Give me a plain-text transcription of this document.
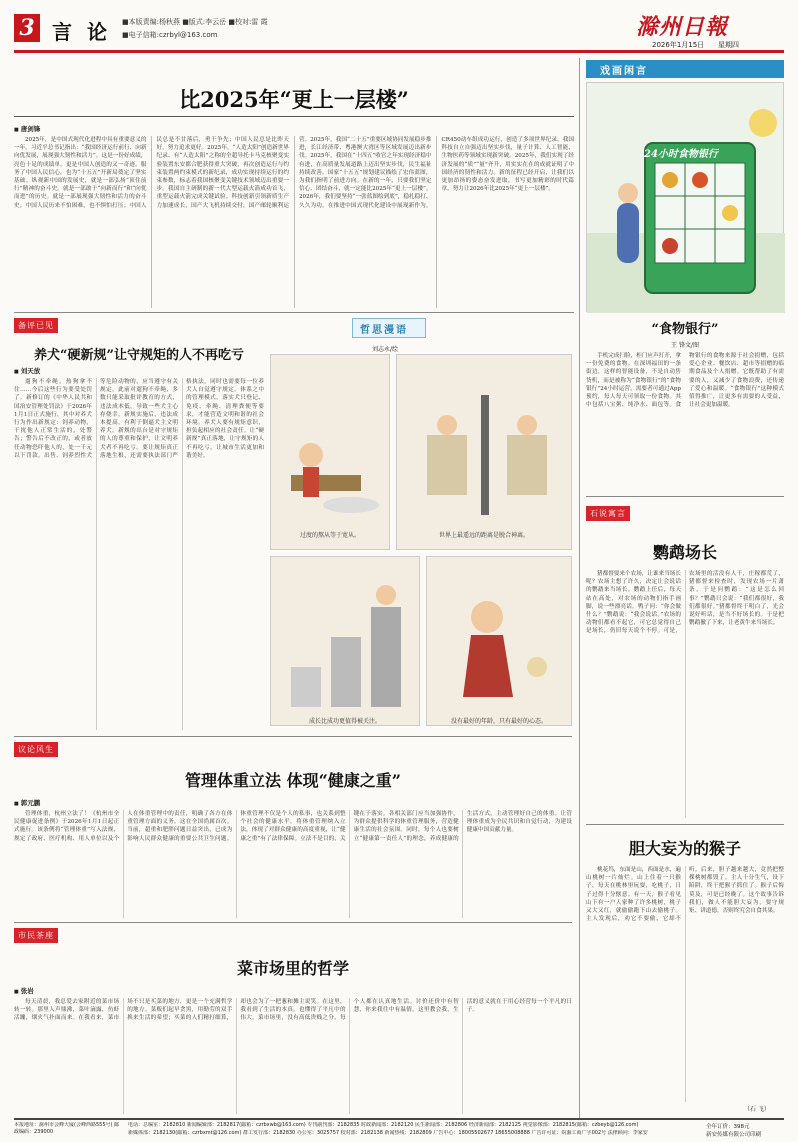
3 言 论 ■本版责编:杨秋燕 ■版式:李云岳 ■校对:雷 霞
■电子信箱:czrbyl@163.com	滁州日報
2026年1月15日 星期四
比2025年“更上一层楼”
■ 唐剑锋

2025年，是中国式现代化进程中具有重要意义的一年。习近平总书记指出：“我国经济运行前行、向新向优发展，展现强大韧性和活力”。这是一份好成绩，亮色十足的成绩单。更是中国人创造的又一奇迹。服务了中国人民信心，也为“十五五”开新局奠定了坚实基础。纵观新中国的发展史，就是一部弘扬“顶住前行”精神的奋斗史。就是一部敢于“向新而行”和“向优而进”的历史。就是一部展现强大韧性和活力的奋斗史。中国人民历来不怕困难，也不惧怕打压；中国人民总是不甘落后，勇于争先；中国人民总是比昨天好，努力追求更好。2025年，“人造太阳”创造新世界纪录、有“人造太阳”之称的全超导托卡马克核聚变实验装置东安都合肥获得重大突破，再次创造运行与约束装置两约束模式的新纪录，成功实现持续运行的约束参数，标志着我国核聚变关键技术领域迈出重要一步。我国自主研制的新一代大型运载火箭成功首飞，重型运载火箭完成关键试验。科技创新引领新质生产力加速成长，国产大飞机持续交付，国产邮轮顺利运营。2025年，我国“二十五”重要区域协同发展稳步推进，长江经济带、粤港澳大湾区等区域发展迈出新步伐。2025年，我国在“十四五”收官之年实现经济稳中有进，在高质量发展道路上迈出坚实步伐，民生福祉持续改善。国家“十五五”规划建议描绘了宏伟蓝图，为我们指明了前进方向。在新的一年，只要我们坚定信心、团结奋斗，就一定能比2025年“更上一层楼”。2026年，我们要坚持“一张蓝图绘到底”，稳扎稳打、久久为功，在推进中国式现代化建设中展现新作为。CR450动车组成功运行，创造了多项世界纪录。我国科技自立自强迈出坚实步伐，量子计算、人工智能、生物医药等领域实现新突破。2025年，我们实现了经济发展的“质”“量”齐升，用实实在在的成就证明了中国经济的韧性和活力。新的征程已经开启，让我们以更加昂扬的姿态奋发进取，书写更加精彩的时代篇章，努力让2026年比2025年“更上一层楼”。

戏画闲言
24小时食物银行
“食物银行”
王 锋文/图

手机完成扫脸，柜门应声打开，拿一份免费的食物。在深圳福田的一条街边，这样的智能设备，不是自动售货机，而是被称为“食物银行”的“食物银行”24小时运营，需要者可通过App预约，每人每天可领取一份食物。其中包括八宝粥、纯净水、面包等。食物银行的食物来源于社会捐赠，包括爱心企业、餐饮店、超市等捐赠的临期食品及个人捐赠。它既帮助了有需要的人，又减少了食物浪费，还传递了爱心和温暖。“食物银行”这种模式值得推广，让更多有需要的人受益，让社会更加温暖。

哲思漫语
刘志永/绘
过度的熬从等于宽从。	世界上最遥远的距离是脱合神离。
成长比成功更值得被关注。	没有最好的年龄，只有最好的心态。
备评已见
养犬“硬新规”让守规矩的人不再吃亏
■ 刘天放

遛狗不牵绳，热狗拿不住……今后这些行为要受处罚了。新修订的《中华人民共和国治安管理处罚法》于2026年1月1日正式施行，其中对养犬行为作出新规定：饲养动物，干扰他人正常生活的，处警告；警告后不改正的，或者放任动物恐吓他人的，处一千元以下罚款。出售、饲养烈性犬等危险动物的，应当遵守有关规定。此前对遛狗不牵绳，多数只能采取批评教育的方式，违法成本低，导致一些犬主心存侥幸。新规实施后，违法成本提高，有利于倒逼犬主文明养犬。新规的出台是对守规矩的人的尊重和保护，让文明养犬者不再吃亏。要让规矩真正落地生根，还需要执法部门严格执法，同时也需要每一位养犬人自觉遵守规定。体系之中的管理模式，落实犬只登记、免疫、牵绳、清理粪便等要求，才能营造文明和谐的社会环境。养犬人要有规矩意识，担负起相应的社会责任。让“硬新规”真正落地，让守规矩的人不再吃亏，让城市生活更加和谐美好。

石说寓言
鹦鹉场长

猪都督要来个农场，让谁来当场长呢？农场主想了许久，决定让会说话的鹦鹉来当场长。鹦鹉上任后，每天站在高处，对农场的动物们指手画脚，说一些漂亮话。鸭子问：“你会做什么？”鹦鹉说：“我会说话。”农场的动物们都看不起它，可它总觉得自己是场长，仍旧每天说个不停。可是，农场里的活没有人干，庄稼都荒了，猪都督来检查时，发现农场一片萧条，于是问鹦鹉：“这是怎么回事？”鹦鹉只会说：“我们都很好，我们都很好。”猪都督终于明白了，光会说好听话，是当不好场长的。于是把鹦鹉撤了下来，让老黄牛来当场长。

议论风生
管理体重立法 体现“健康之重”
■ 郭元鹏

管理体重，杭州立法了！《杭州市全民健康促进条例》于2026年1月1日起正式施行。该条例将“管理体重”写入法规，规定了政府、医疗机构、用人单位以及个人在体重管理中的责任，明确了各方在体重管理方面的义务，这在全国尚属首次。当前，超重和肥胖问题日益突出，已成为影响人民群众健康的重要公共卫生问题。体重管理不仅是个人的私事，也关系到整个社会的健康水平。将体重管理纳入立法，体现了对群众健康的高度重视，让“健康之重”有了法律保障。立法不是目的，关键在于落实。各相关部门应当加强协作，为群众提供科学的体重管理服务，营造健康生活的社会氛围。同时，每个人也要树立“健康第一责任人”的理念，养成健康的生活方式，主动管理好自己的体重。让管理体重成为全民共识和自觉行动，为建设健康中国贡献力量。

胆大妄为的猴子

桃花坞，东面是山，西面是水，遍山桃树一片灿烂。山上住着一只猴子，每天在桃林里玩耍，吃桃子，日子过得十分惬意。有一天，猴子看见山下有一户人家种了许多桃树，桃子又大又红，就偷偷跑下山去偷桃子。主人发现后，劝它不要偷，它却不听。后来，胆子越来越大，竟然把整棵桃树都毁了。主人十分生气，设下陷阱，终于把猴子抓住了。猴子后悔莫及，可是已经晚了。这个故事告诉我们，做人不能胆大妄为，要守规矩、讲道德，否则终究会自食其果。

（石 飞）
市民茶座
菜市场里的哲学
■ 张岩

每天清晨，我总爱去家附近的菜市场转一转。那里人声鼎沸，菜叶滴露，鱼虾活蹦，烟火气扑面而来。在我看来，菜市场不只是买菜的地方，更是一个充满哲学的地方。菜贩们起早贪黑，用勤劳的双手换来生活的希望；买菜的人们精打细算，却也会为了一把葱和摊主说笑。在这里，我看到了生活的本真，也懂得了平凡中的伟大。菜市场里，没有高低贵贱之分，每个人都在认真地生活。讨价还价中有智慧，你来我往中有温情。这里教会我，生活的意义就在于用心经营每一个平凡的日子。

本报地址：滁州市会峰大厦(会峰西路555号) 邮政编码：239000
电话：总编室：2182810 新闻编辑部：2182817(邮箱：czrbxwb@163.com) 专刊副刊部：2182835 时政新闻部：2182120 民生新闻部：2182806 经济新闻部：2182125 视觉影像部：2182815(邮箱：czbeyb@126.com)
新媒体部：2182130(邮箱：czrbxmt@126.com) 群工发行部：2182830 办公室：3025757 校对部：2182138 新闻热线：2182809 广告中心：18005502677 18655008888 广告许可证：皖滁工商广字002号 法律顾问：李家安
全年订价：398元
新安传媒有限公司印刷
